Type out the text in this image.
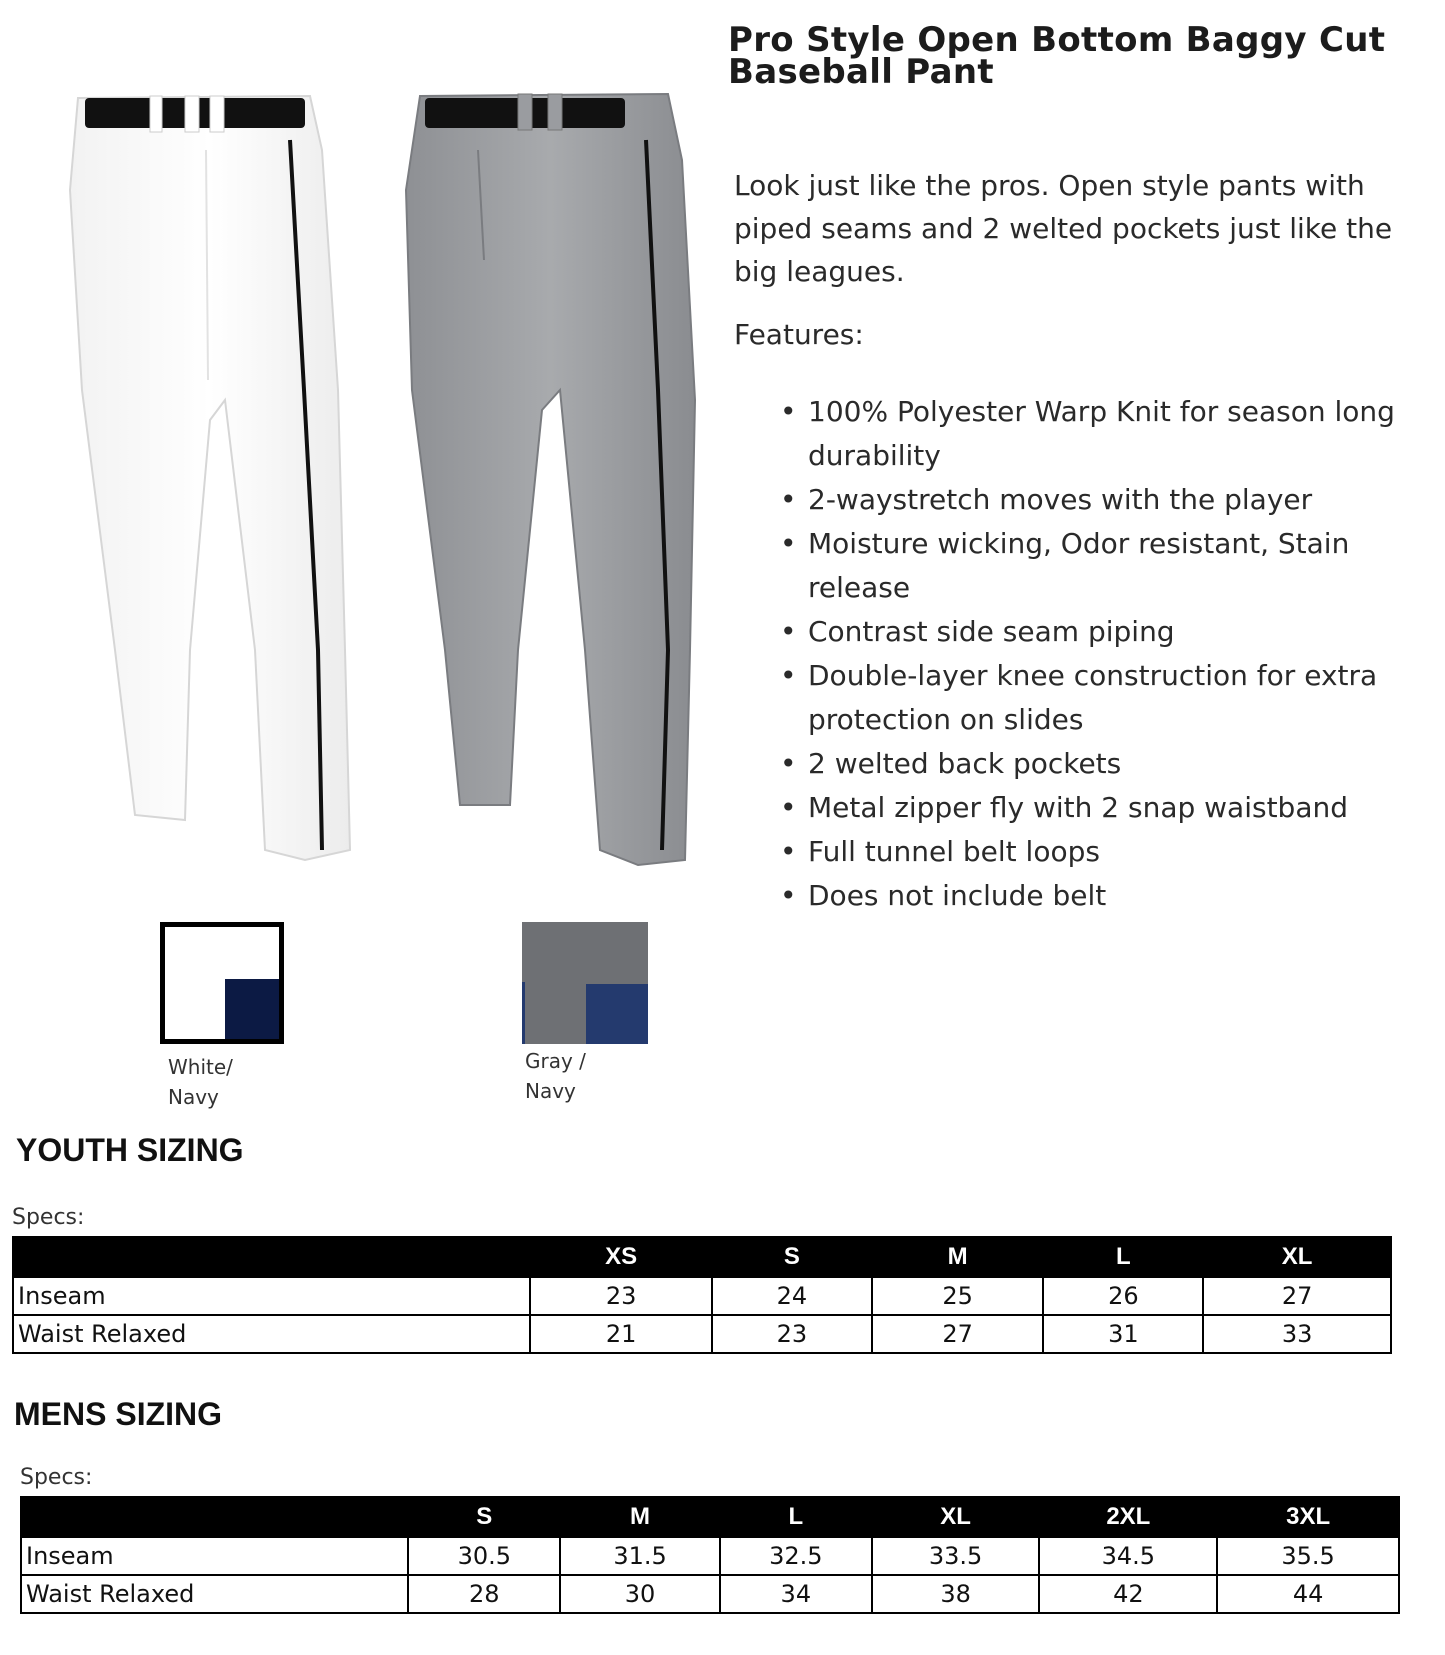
Pro Style Open Bottom Baggy Cut
Baseball Pant

Look just like the pros. Open style pants with piped seams and 2 welted pockets just like the big leagues.

Features:
• 100% Polyester Warp Knit for season long durability
• 2-waystretch moves with the player
• Moisture wicking, Odor resistant, Stain release
• Contrast side seam piping
• Double-layer knee construction for extra protection on slides
• 2 welted back pockets
• Metal zipper fly with 2 snap waistband
• Full tunnel belt loops
• Does not include belt
White/
Navy
Gray /
Navy
YOUTH SIZING
Specs:
	XS	S	M	L	XL
Inseam	23	24	25	26	27
Waist Relaxed	21	23	27	31	33
MENS SIZING
Specs:
	S	M	L	XL	2XL	3XL
Inseam	30.5	31.5	32.5	33.5	34.5	35.5
Waist Relaxed	28	30	34	38	42	44
